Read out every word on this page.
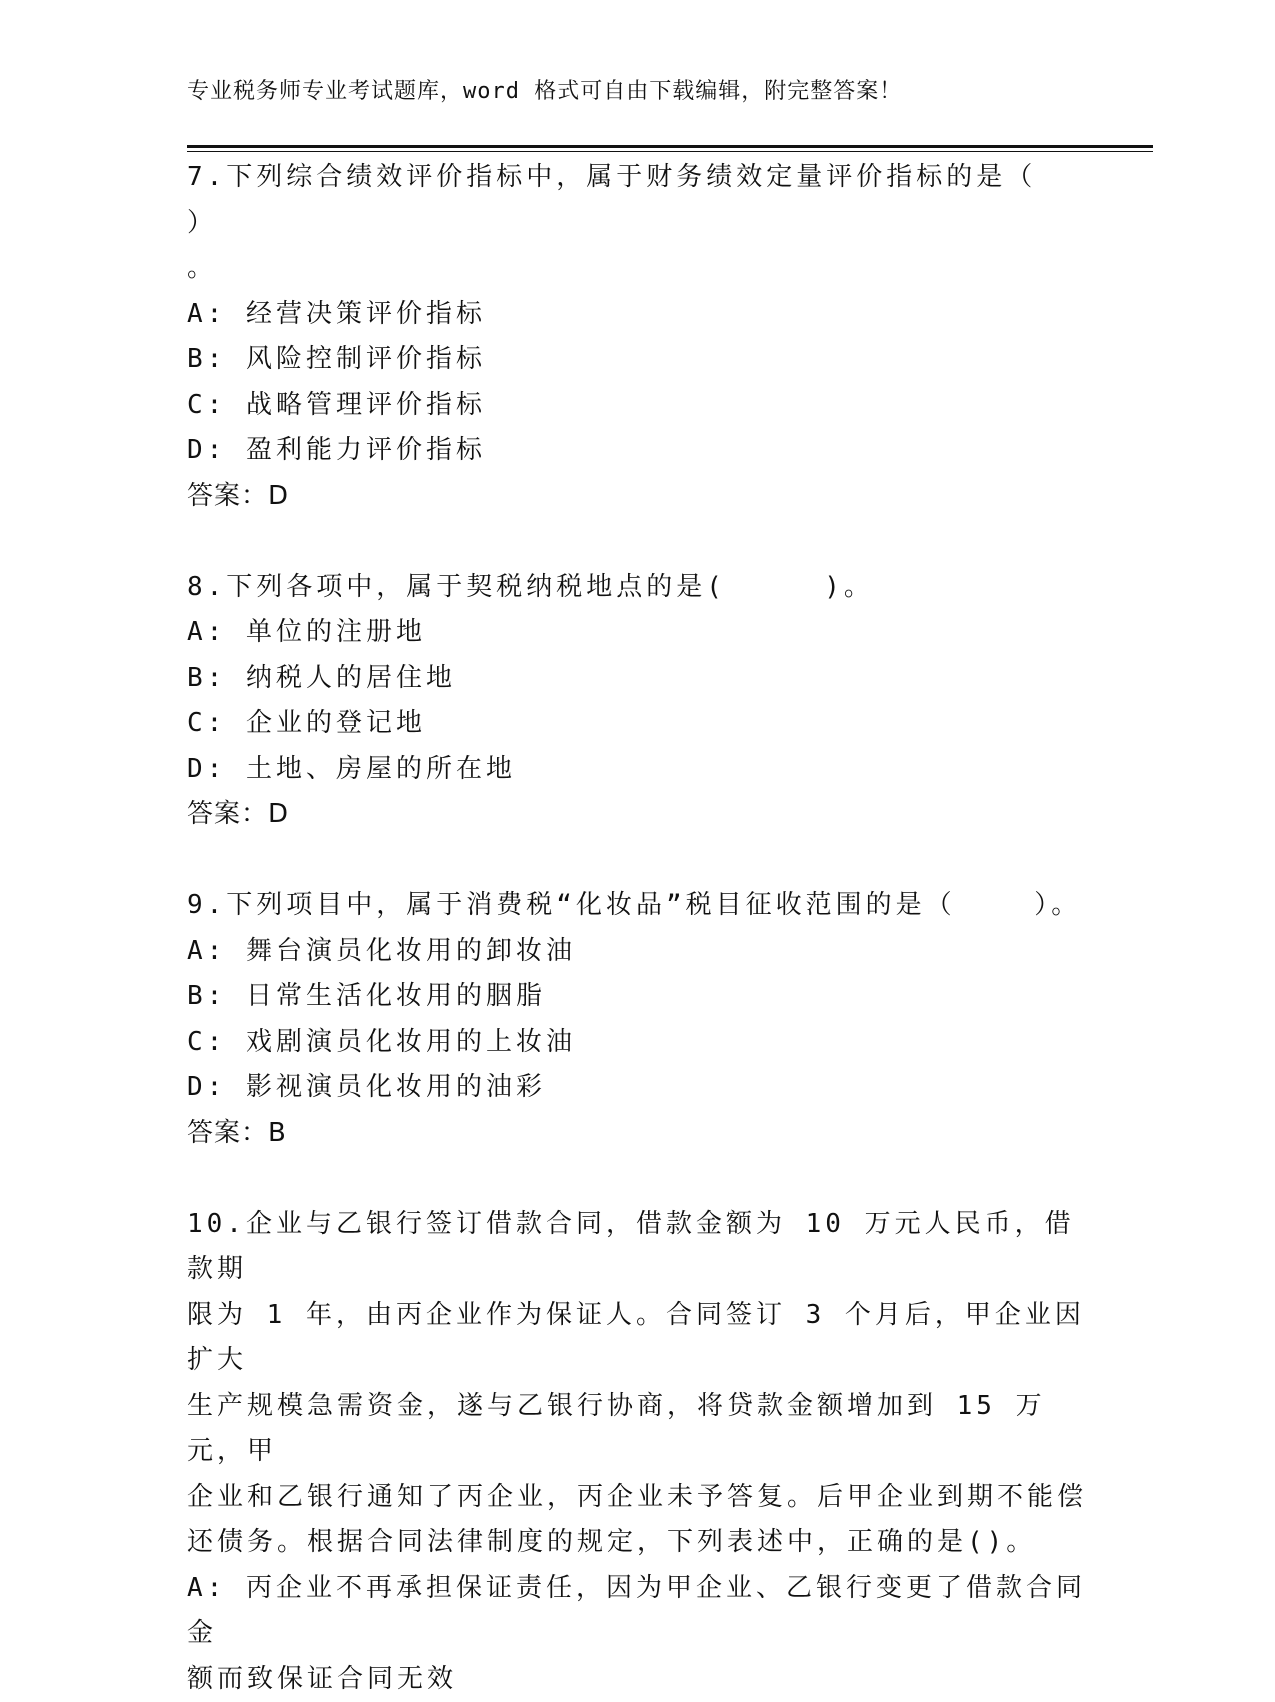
专业税务师专业考试题库，word 格式可自由下载编辑，附完整答案！
7.下列综合绩效评价指标中，属于财务绩效定量评价指标的是（    ）
。
A: 经营决策评价指标
B: 风险控制评价指标
C: 战略管理评价指标
D: 盈利能力评价指标
答案：D
8.下列各项中，属于契税纳税地点的是(     )。
A: 单位的注册地
B: 纳税人的居住地
C: 企业的登记地
D: 土地、房屋的所在地
答案：D
9.下列项目中，属于消费税“化妆品”税目征收范围的是（    ）。
A: 舞台演员化妆用的卸妆油
B: 日常生活化妆用的胭脂
C: 戏剧演员化妆用的上妆油
D: 影视演员化妆用的油彩
答案：B
10.企业与乙银行签订借款合同，借款金额为 10 万元人民币，借款期
限为 1 年，由丙企业作为保证人。合同签订 3 个月后，甲企业因扩大
生产规模急需资金，遂与乙银行协商，将贷款金额增加到 15 万元，甲
企业和乙银行通知了丙企业，丙企业未予答复。后甲企业到期不能偿
还债务。根据合同法律制度的规定，下列表述中，正确的是()。
A: 丙企业不再承担保证责任，因为甲企业、乙银行变更了借款合同金
额而致保证合同无效
